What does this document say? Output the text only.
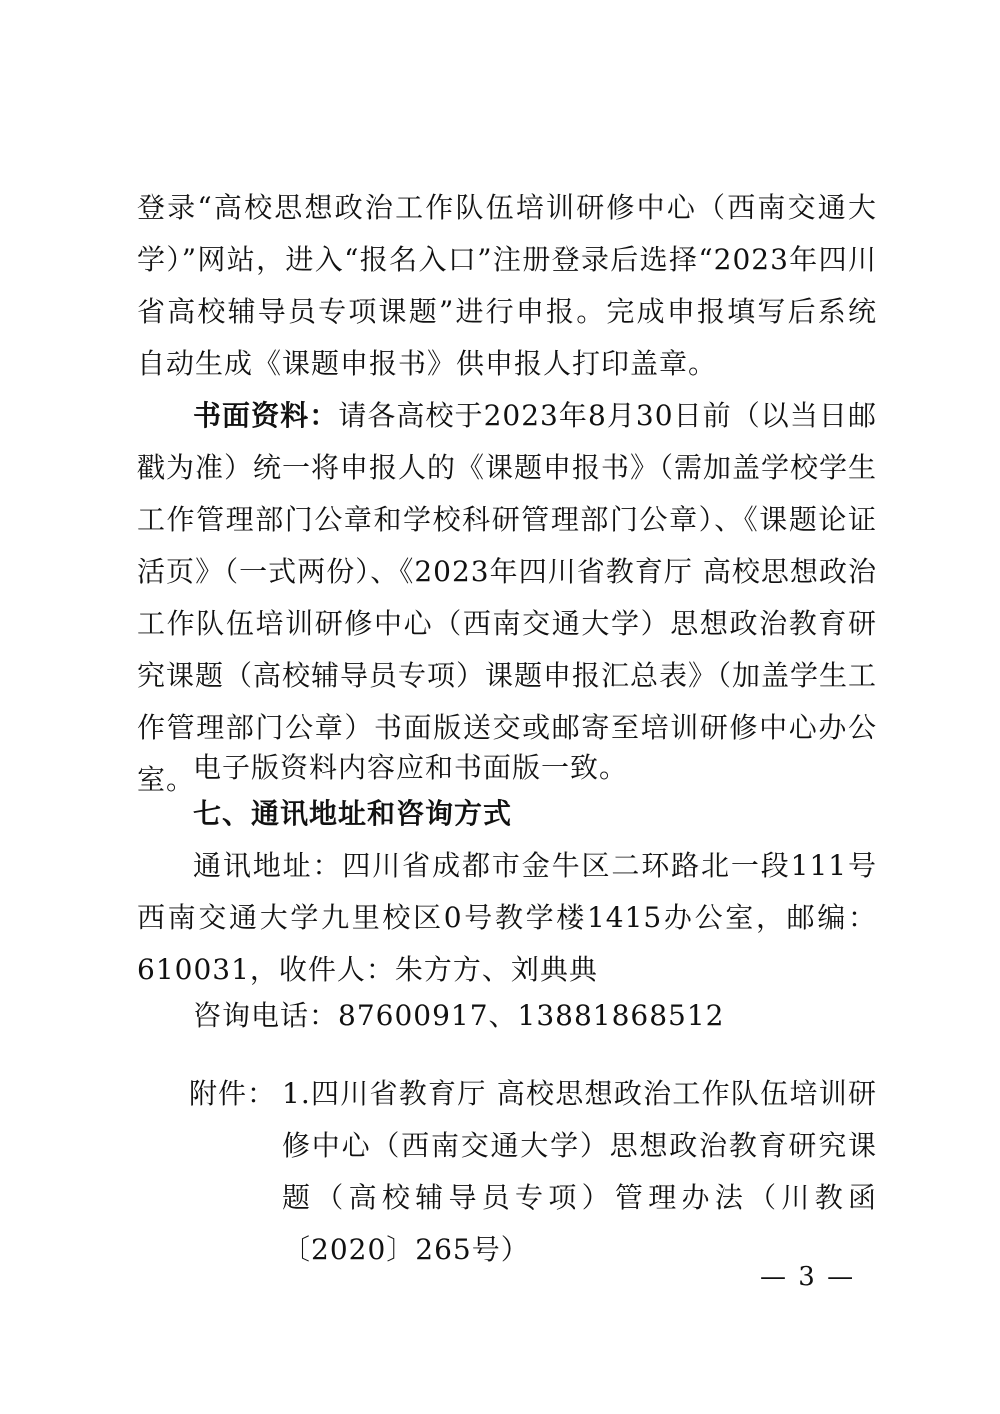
登录“高校思想政治工作队伍培训研修中心（西南交通大学）”网站，进入“报名入口”注册登录后选择“2023年四川省高校辅导员专项课题”进行申报。完成申报填写后系统自动生成《课题申报书》供申报人打印盖章。

书面资料：请各高校于2023年8月30日前（以当日邮戳为准）统一将申报人的《课题申报书》（需加盖学校学生工作管理部门公章和学校科研管理部门公章）、《课题论证活页》（一式两份）、《2023年四川省教育厅 高校思想政治工作队伍培训研修中心（西南交通大学）思想政治教育研究课题（高校辅导员专项）课题申报汇总表》（加盖学生工作管理部门公章）书面版送交或邮寄至培训研修中心办公室。

电子版资料内容应和书面版一致。

七、通讯地址和咨询方式

通讯地址：四川省成都市金牛区二环路北一段111号西南交通大学九里校区0号教学楼1415办公室，邮编：610031，收件人：朱方方、刘典典

咨询电话：87600917、13881868512

附件： 1.四川省教育厅 高校思想政治工作队伍培训研修中心（西南交通大学）思想政治教育研究课题（高校辅导员专项）管理办法（川教函〔2020〕265号）

— 3 —
